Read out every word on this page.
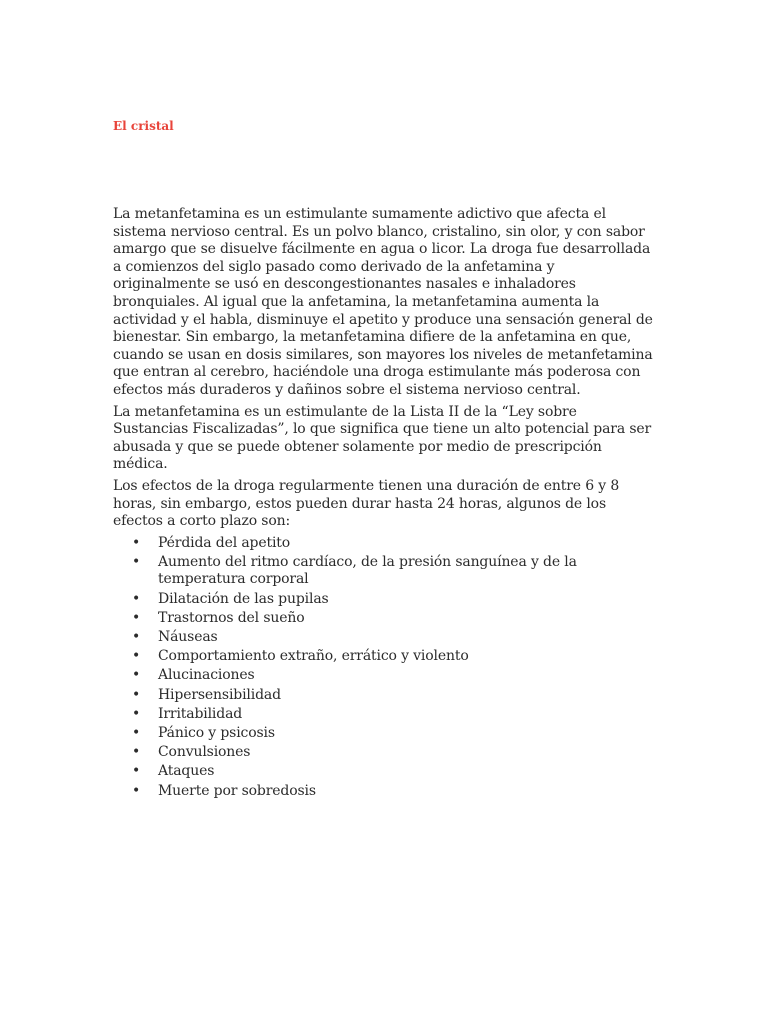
El cristal

La metanfetamina es un estimulante sumamente adictivo que afecta el sistema nervioso central. Es un polvo blanco, cristalino, sin olor, y con sabor amargo que se disuelve fácilmente en agua o licor. La droga fue desarrollada a comienzos del siglo pasado como derivado de la anfetamina y originalmente se usó en descongestionantes nasales e inhaladores bronquiales. Al igual que la anfetamina, la metanfetamina aumenta la actividad y el habla, disminuye el apetito y produce una sensación general de bienestar. Sin embargo, la metanfetamina difiere de la anfetamina en que, cuando se usan en dosis similares, son mayores los niveles de metanfetamina que entran al cerebro, haciéndole una droga estimulante más poderosa con efectos más duraderos y dañinos sobre el sistema nervioso central.

La metanfetamina es un estimulante de la Lista II de la “Ley sobre Sustancias Fiscalizadas”, lo que significa que tiene un alto potencial para ser abusada y que se puede obtener solamente por medio de prescripción médica.

Los efectos de la droga regularmente tienen una duración de entre 6 y 8 horas, sin embargo, estos pueden durar hasta 24 horas, algunos de los efectos a corto plazo son:

• Pérdida del apetito
• Aumento del ritmo cardíaco, de la presión sanguínea y de la temperatura corporal
• Dilatación de las pupilas
• Trastornos del sueño
• Náuseas
• Comportamiento extraño, errático y violento
• Alucinaciones
• Hipersensibilidad
• Irritabilidad
• Pánico y psicosis
• Convulsiones
• Ataques
• Muerte por sobredosis
